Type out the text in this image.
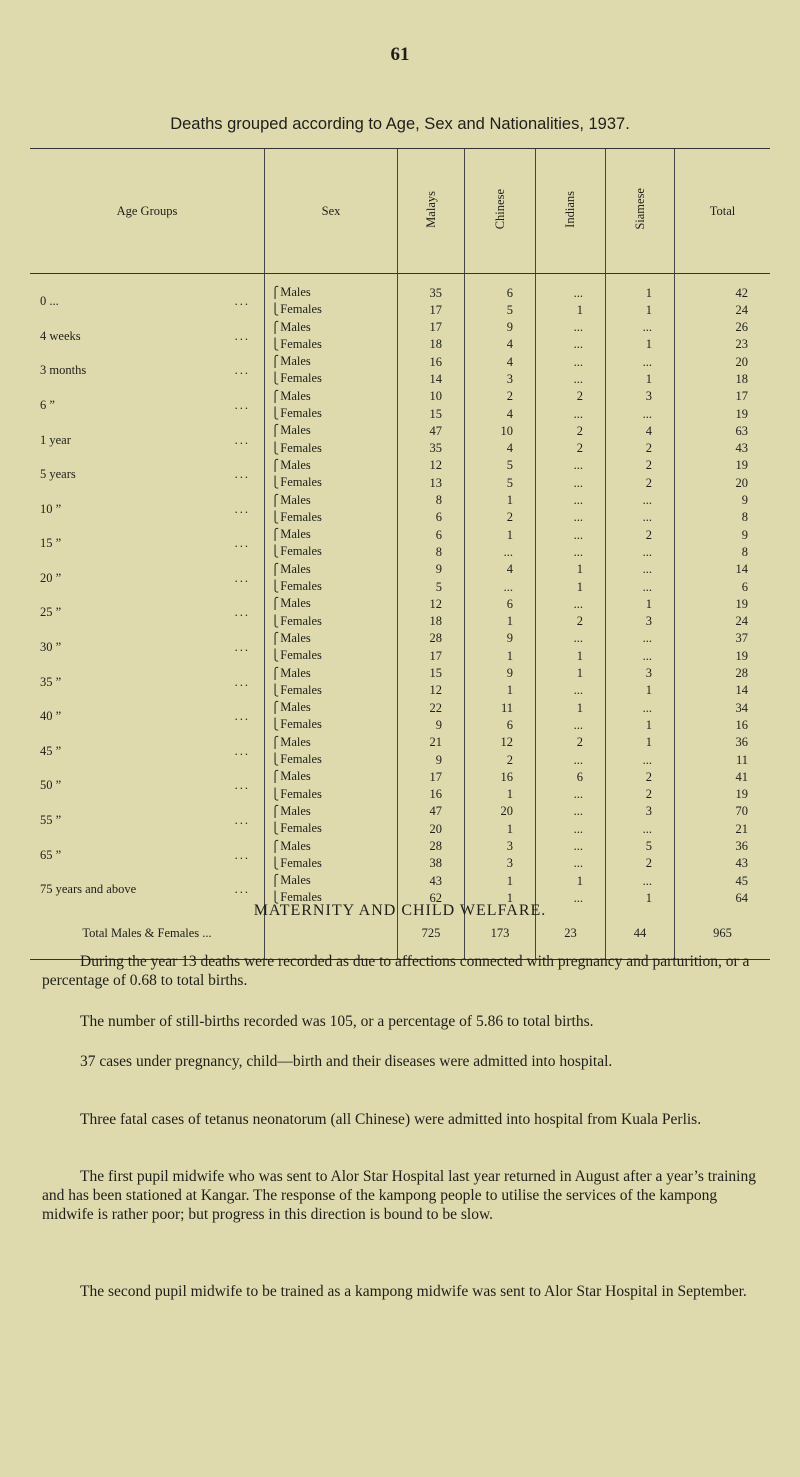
61
Deaths grouped according to Age, Sex and Nationalities, 1937.
Age Groups	Sex	Malays	Chinese	Indians	Siamese	Total

...
0 ...	⎧Males	35	6	...	1	42
	⎩Females	17	5	1	1	24

...
4 weeks	⎧Males	17	9	...	...	26
	⎩Females	18	4	...	1	23

...
3 months	⎧Males	16	4	...	...	20
	⎩Females	14	3	...	1	18

...
6 ”	⎧Males	10	2	2	3	17
	⎩Females	15	4	...	...	19

...
1 year	⎧Males	47	10	2	4	63
	⎩Females	35	4	2	2	43

...
5 years	⎧Males	12	5	...	2	19
	⎩Females	13	5	...	2	20

...
10 ”	⎧Males	8	1	...	...	9
	⎩Females	6	2	...	...	8

...
15 ”	⎧Males	6	1	...	2	9
	⎩Females	8	...	...	...	8

...
20 ”	⎧Males	9	4	1	...	14
	⎩Females	5	...	1	...	6

...
25 ”	⎧Males	12	6	...	1	19
	⎩Females	18	1	2	3	24

...
30 ”	⎧Males	28	9	...	...	37
	⎩Females	17	1	1	...	19

...
35 ”	⎧Males	15	9	1	3	28
	⎩Females	12	1	...	1	14

...
40 ”	⎧Males	22	11	1	...	34
	⎩Females	9	6	...	1	16

...
45 ”	⎧Males	21	12	2	1	36
	⎩Females	9	2	...	...	11

...
50 ”	⎧Males	17	16	6	2	41
	⎩Females	16	1	...	2	19

...
55 ”	⎧Males	47	20	...	3	70
	⎩Females	20	1	...	...	21

...
65 ”	⎧Males	28	3	...	5	36
	⎩Females	38	3	...	2	43

...
75 years and above	⎧Males	43	1	1	...	45
	⎩Females	62	1	...	1	64
Total Males & Females ...		725	173	23	44	965
MATERNITY AND CHILD WELFARE.
During the year 13 deaths were recorded as due to affections connected with pregnancy and parturition, or a percentage of 0.68 to total births.
The number of still-births recorded was 105, or a percentage of 5.86 to total births.
37 cases under pregnancy, child—birth and their diseases were admitted into hospital.
Three fatal cases of tetanus neonatorum (all Chinese) were admitted into hospital from Kuala Perlis.
The first pupil midwife who was sent to Alor Star Hospital last year returned in August after a year’s training and has been stationed at Kangar. The response of the kampong people to utilise the services of the kampong midwife is rather poor; but progress in this direction is bound to be slow.
The second pupil midwife to be trained as a kampong midwife was sent to Alor Star Hospital in September.
